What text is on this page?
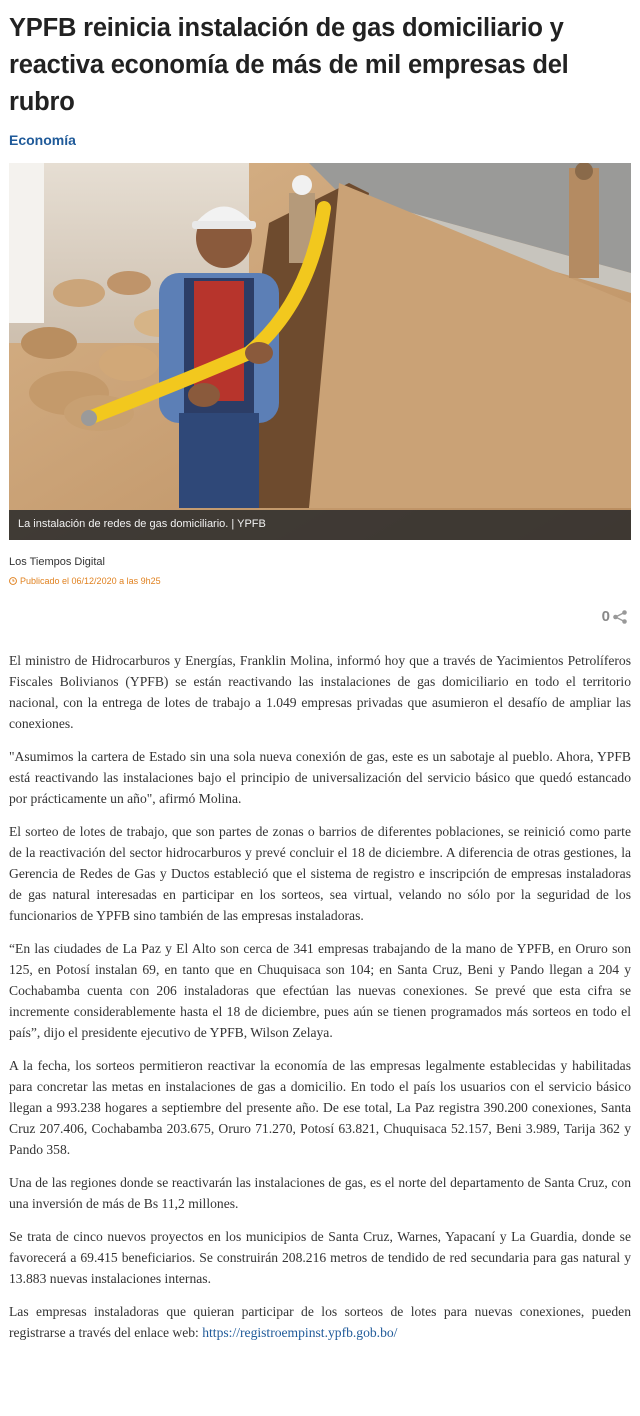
YPFB reinicia instalación de gas domiciliario y reactiva economía de más de mil empresas del rubro
Economía

La instalación de redes de gas domiciliario. | YPFB

Los Tiempos Digital

Publicado el 06/12/2020 a las 9h25

0

El ministro de Hidrocarburos y Energías, Franklin Molina, informó hoy que a través de Yacimientos Petrolíferos Fiscales Bolivianos (YPFB) se están reactivando las instalaciones de gas domiciliario en todo el territorio nacional, con la entrega de lotes de trabajo a 1.049 empresas privadas que asumieron el desafío de ampliar las conexiones.

"Asumimos la cartera de Estado sin una sola nueva conexión de gas, este es un sabotaje al pueblo. Ahora, YPFB está reactivando las instalaciones bajo el principio de universalización del servicio básico que quedó estancado por prácticamente un año", afirmó Molina.

El sorteo de lotes de trabajo, que son partes de zonas o barrios de diferentes poblaciones, se reinició como parte de la reactivación del sector hidrocarburos y prevé concluir el 18 de diciembre. A diferencia de otras gestiones, la Gerencia de Redes de Gas y Ductos estableció que el sistema de registro e inscripción de empresas instaladoras de gas natural interesadas en participar en los sorteos, sea virtual, velando no sólo por la seguridad de los funcionarios de YPFB sino también de las empresas instaladoras.

“En las ciudades de La Paz y El Alto son cerca de 341 empresas trabajando de la mano de YPFB, en Oruro son 125, en Potosí instalan 69, en tanto que en Chuquisaca son 104; en Santa Cruz, Beni y Pando llegan a 204 y Cochabamba cuenta con 206 instaladoras que efectúan las nuevas conexiones. Se prevé que esta cifra se incremente considerablemente hasta el 18 de diciembre, pues aún se tienen programados más sorteos en todo el país”, dijo el presidente ejecutivo de YPFB, Wilson Zelaya.

A la fecha, los sorteos permitieron reactivar la economía de las empresas legalmente establecidas y habilitadas para concretar las metas en instalaciones de gas a domicilio. En todo el país los usuarios con el servicio básico llegan a 993.238 hogares a septiembre del presente año. De ese total, La Paz registra 390.200 conexiones, Santa Cruz 207.406, Cochabamba 203.675, Oruro 71.270, Potosí 63.821, Chuquisaca 52.157, Beni 3.989, Tarija 362 y Pando 358.

Una de las regiones donde se reactivarán las instalaciones de gas, es el norte del departamento de Santa Cruz, con una inversión de más de Bs 11,2 millones.

Se trata de cinco nuevos proyectos en los municipios de Santa Cruz, Warnes, Yapacaní y La Guardia, donde se favorecerá a 69.415 beneficiarios. Se construirán 208.216 metros de tendido de red secundaria para gas natural y 13.883 nuevas instalaciones internas.

Las empresas instaladoras que quieran participar de los sorteos de lotes para nuevas conexiones, pueden registrarse a través del enlace web: https://registroempinst.ypfb.gob.bo/
